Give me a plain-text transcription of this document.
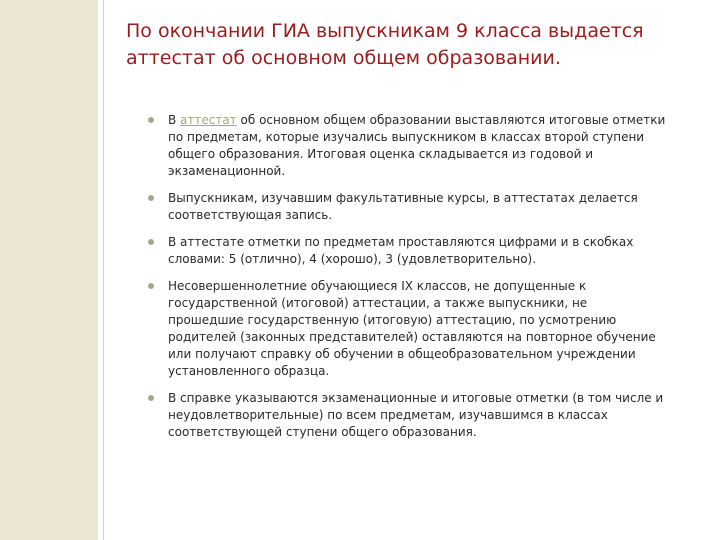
По окончании ГИА выпускникам 9 класса выдается аттестат об основном общем образовании.
В аттестат об основном общем образовании выставляются итоговые отметки по предметам, которые изучались выпускником в классах второй ступени общего образования. Итоговая оценка складывается из годовой и экзаменационной.
Выпускникам, изучавшим факультативные курсы, в аттестатах делается соответствующая запись.
В аттестате отметки по предметам проставляются цифрами и в скобках словами: 5 (отлично), 4 (хорошо), 3 (удовлетворительно).
Несовершеннолетние обучающиеся IX классов, не допущенные к государственной (итоговой) аттестации, а также выпускники, не прошедшие государственную (итоговую) аттестацию, по усмотрению родителей (законных представителей) оставляются на повторное обучение или получают справку об обучении в общеобразовательном учреждении установленного образца.
В справке указываются экзаменационные и итоговые отметки (в том числе и неудовлетворительные) по всем предметам, изучавшимся в классах соответствующей ступени общего образования.
